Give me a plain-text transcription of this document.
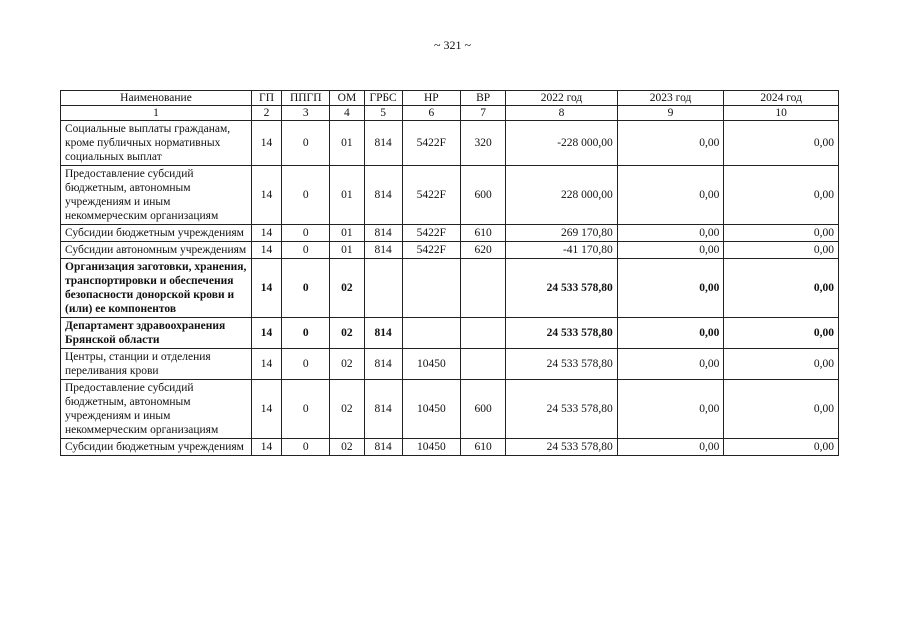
~ 321 ~
Наименование	ГП	ППГП	ОМ	ГРБС	НР	ВР	2022 год	2023 год	2024 год
1	2	3	4	5	6	7	8	9	10
Социальные выплаты гражданам, кроме публичных нормативных социальных выплат	14	0	01	814	5422F	320	-228 000,00	0,00	0,00
Предоставление субсидий бюджетным, автономным учреждениям и иным некоммерческим организациям	14	0	01	814	5422F	600	228 000,00	0,00	0,00
Субсидии бюджетным учреждениям	14	0	01	814	5422F	610	269 170,80	0,00	0,00
Субсидии автономным учреждениям	14	0	01	814	5422F	620	-41 170,80	0,00	0,00
Организация заготовки, хранения, транспортировки и обеспечения безопасности донорской крови и (или) ее компонентов	14	0	02				24 533 578,80	0,00	0,00
Департамент здравоохранения Брянской области	14	0	02	814			24 533 578,80	0,00	0,00
Центры, станции и отделения переливания крови	14	0	02	814	10450		24 533 578,80	0,00	0,00
Предоставление субсидий бюджетным, автономным учреждениям и иным некоммерческим организациям	14	0	02	814	10450	600	24 533 578,80	0,00	0,00
Субсидии бюджетным учреждениям	14	0	02	814	10450	610	24 533 578,80	0,00	0,00
